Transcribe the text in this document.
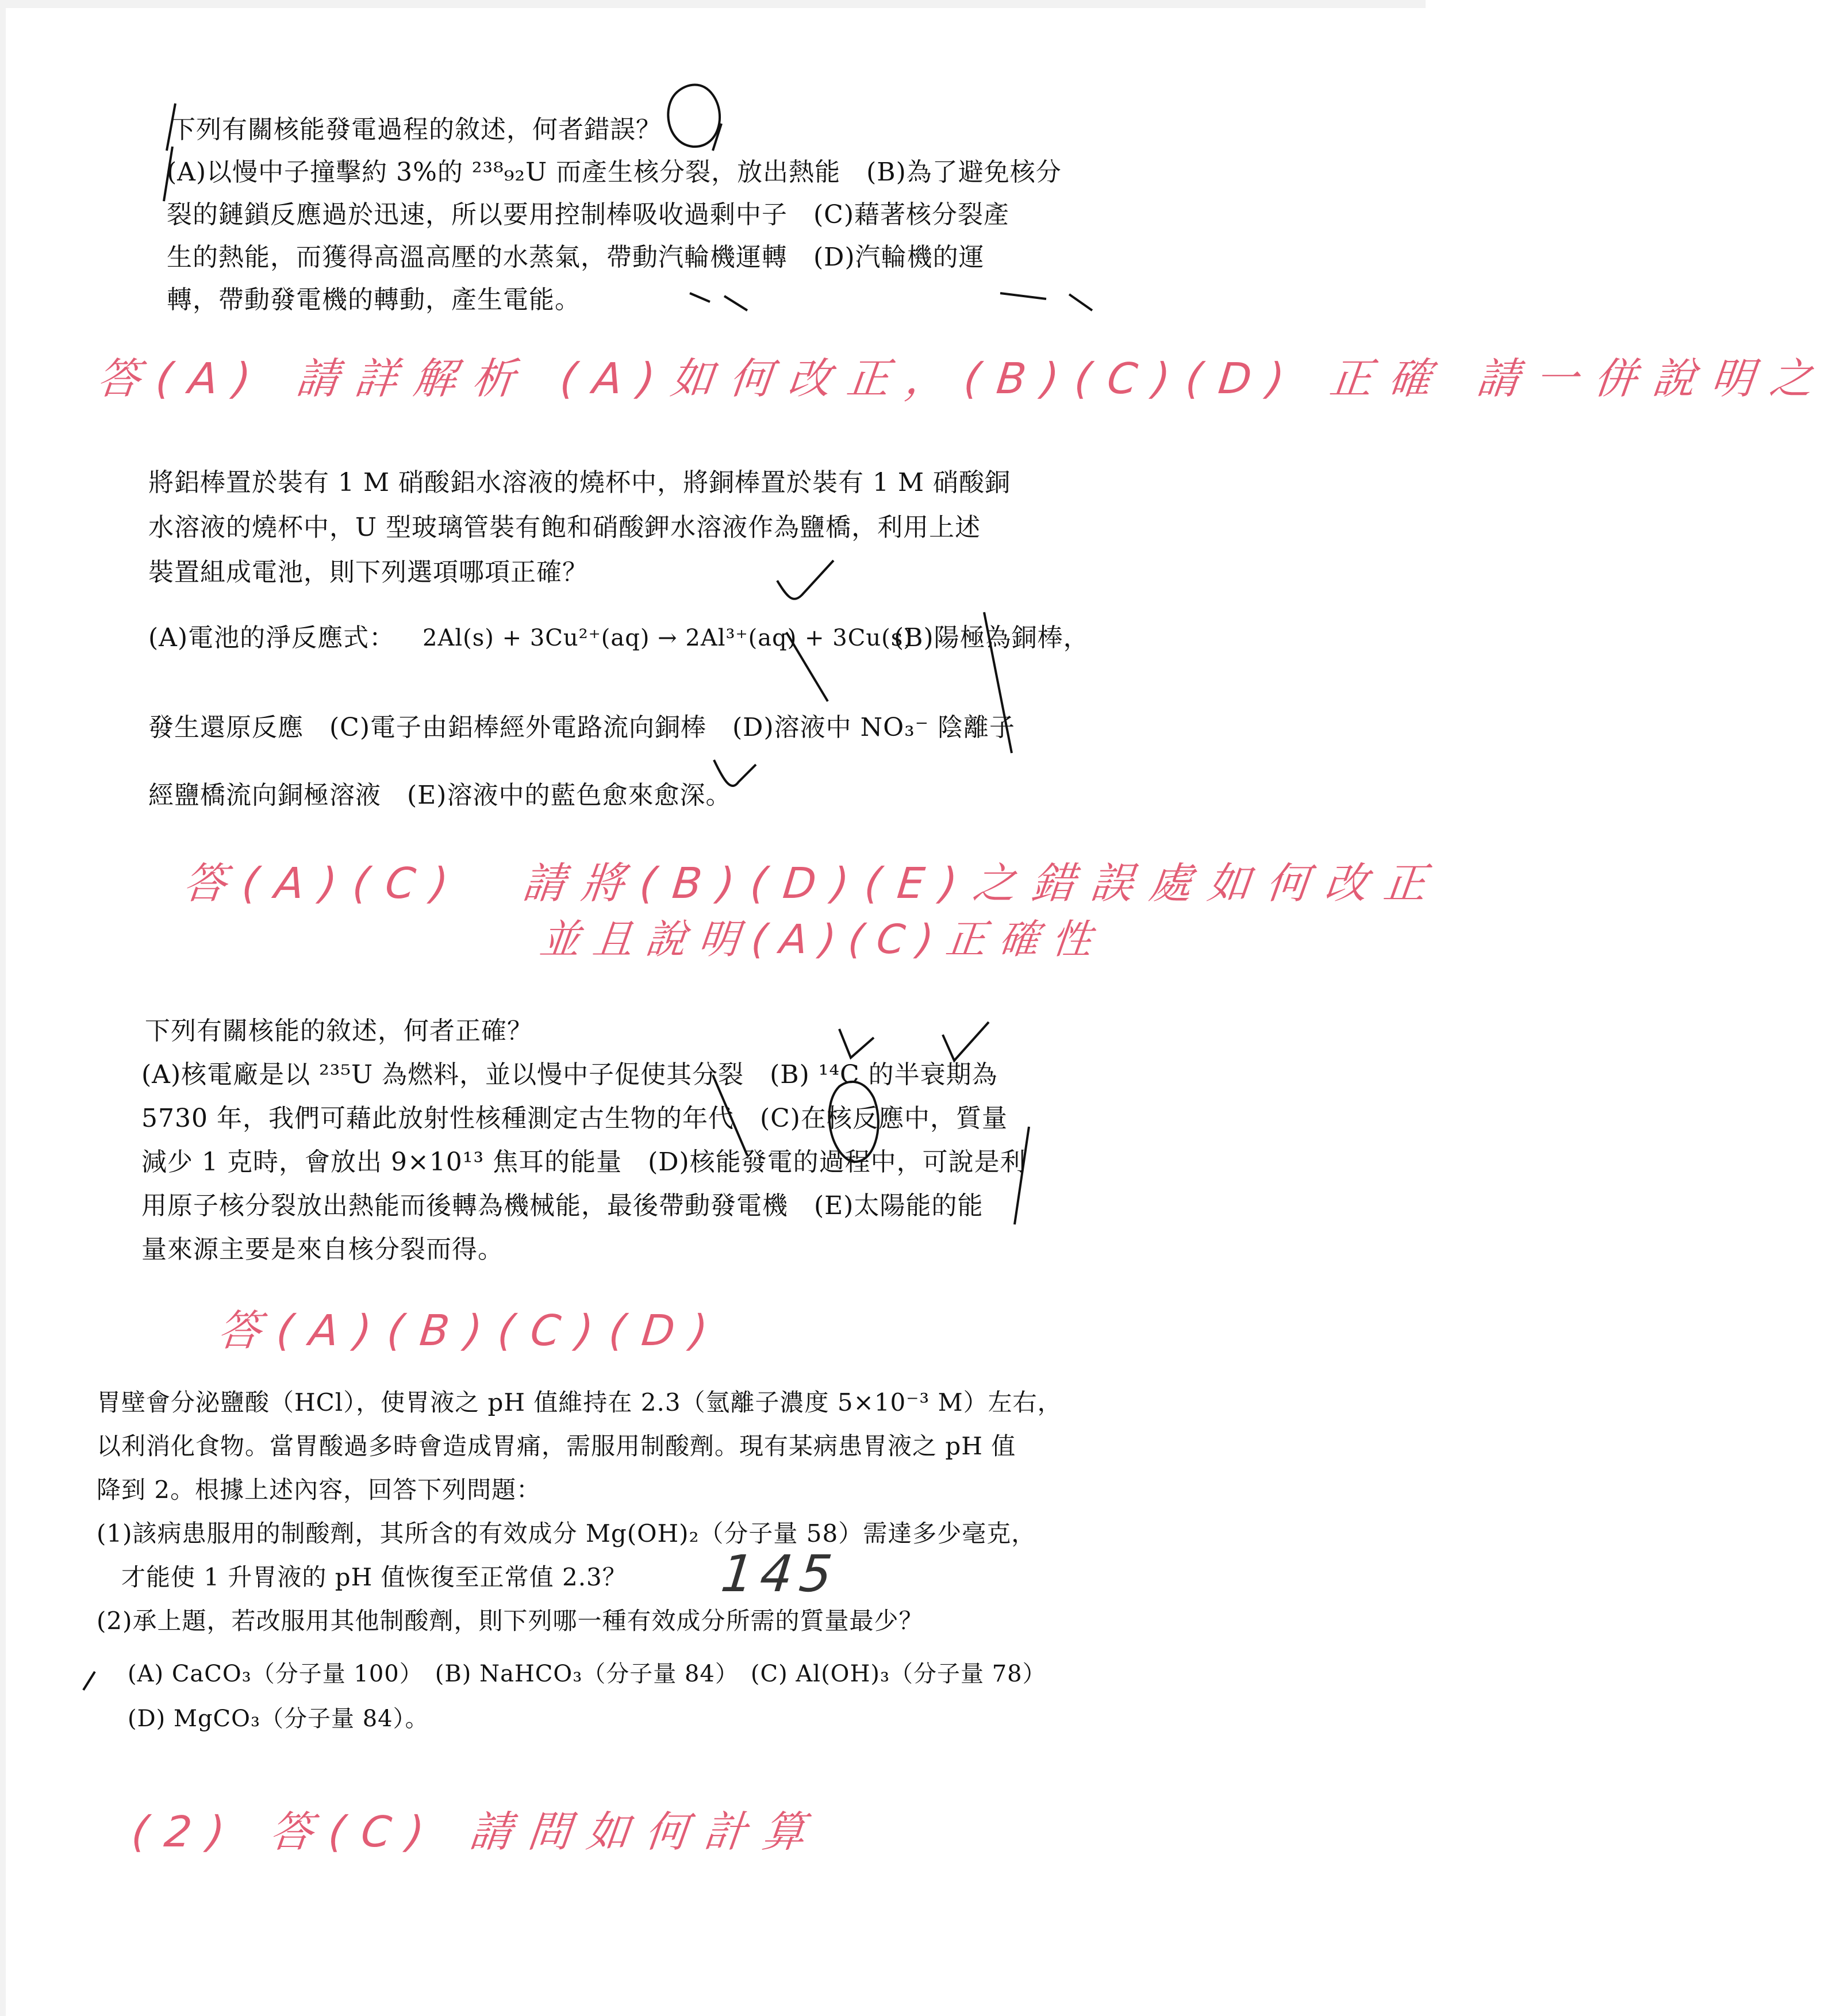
下列有關核能發電過程的敘述，何者錯誤？
(A)以慢中子撞擊約 3%的 ²³⁸₉₂U 而產生核分裂，放出熱能　(B)為了避免核分
裂的鏈鎖反應過於迅速，所以要用控制棒吸收過剩中子　(C)藉著核分裂產
生的熱能，而獲得高溫高壓的水蒸氣，帶動汽輪機運轉　(D)汽輪機的運
轉，帶動發電機的轉動，產生電能。
答(A) 請詳解析 (A)如何改正，(B)(C)(D) 正確 請一併說明之
將鋁棒置於裝有 1 M 硝酸鋁水溶液的燒杯中，將銅棒置於裝有 1 M 硝酸銅
水溶液的燒杯中，U 型玻璃管裝有飽和硝酸鉀水溶液作為鹽橋，利用上述
裝置組成電池，則下列選項哪項正確？
(A)電池的淨反應式： 2Al(s) + 3Cu²⁺(aq) → 2Al³⁺(aq) + 3Cu(s)
(B)陽極為銅棒，
發生還原反應　(C)電子由鋁棒經外電路流向銅棒　(D)溶液中 NO₃⁻ 陰離子
經鹽橋流向銅極溶液　(E)溶液中的藍色愈來愈深。
答(A)(C)　請將(B)(D)(E)之錯誤處如何改正
並且說明(A)(C)正確性
下列有關核能的敘述，何者正確？
(A)核電廠是以 ²³⁵U 為燃料，並以慢中子促使其分裂　(B) ¹⁴C 的半衰期為
5730 年，我們可藉此放射性核種測定古生物的年代　(C)在核反應中，質量
減少 1 克時，會放出 9×10¹³ 焦耳的能量　(D)核能發電的過程中，可說是利
用原子核分裂放出熱能而後轉為機械能，最後帶動發電機　(E)太陽能的能
量來源主要是來自核分裂而得。
答(A)(B)(C)(D)
胃壁會分泌鹽酸（HCl），使胃液之 pH 值維持在 2.3（氫離子濃度 5×10⁻³ M）左右，
以利消化食物。當胃酸過多時會造成胃痛，需服用制酸劑。現有某病患胃液之 pH 值
降到 2。根據上述內容，回答下列問題：
(1)該病患服用的制酸劑，其所含的有效成分 Mg(OH)₂（分子量 58）需達多少毫克，
　才能使 1 升胃液的 pH 值恢復至正常值 2.3？
(2)承上題，若改服用其他制酸劑，則下列哪一種有效成分所需的質量最少？
(A) CaCO₃（分子量 100）　(B) NaHCO₃（分子量 84）　(C) Al(OH)₃（分子量 78）
(D) MgCO₃（分子量 84）。
145
(2) 答(C) 請問如何計算
